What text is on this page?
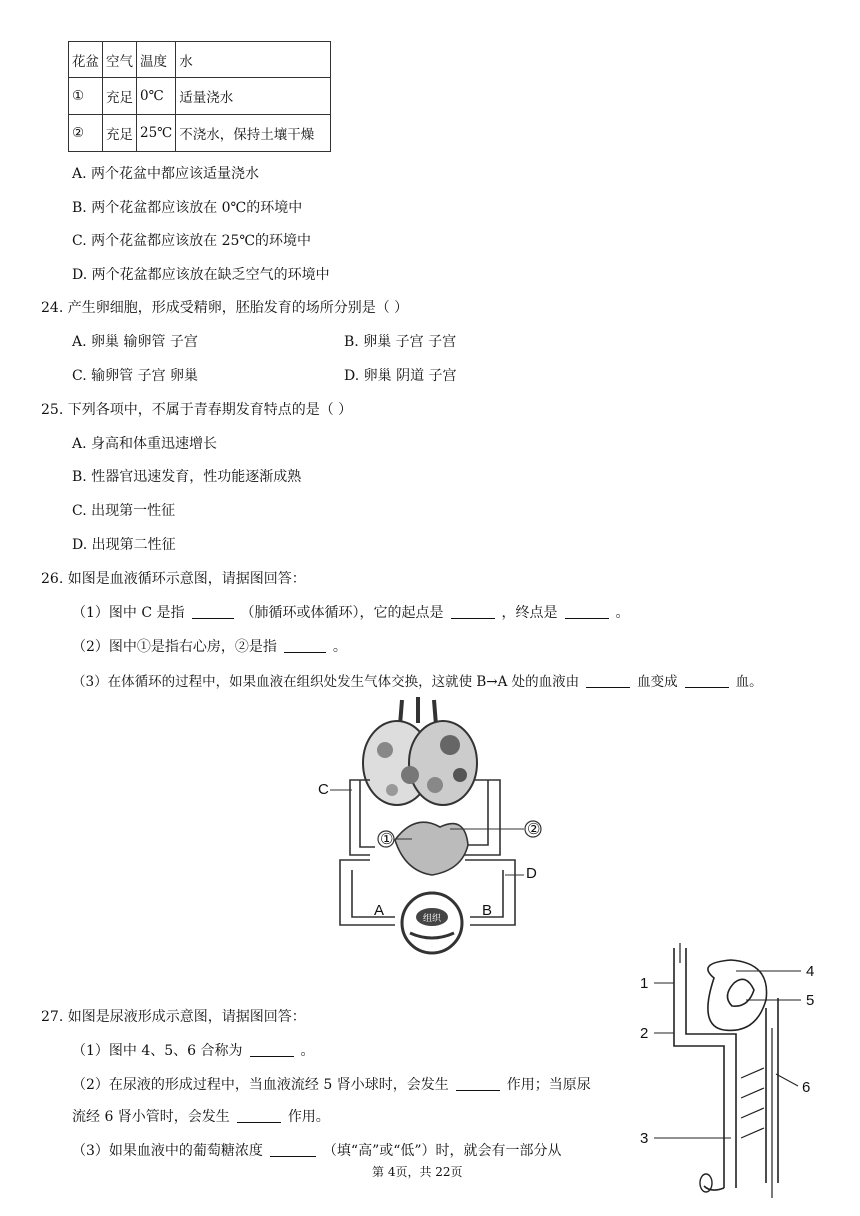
花盆	空气	温度	水
①	充足	0℃	适量浇水
②	充足	25℃	不浇水，保持土壤干燥
A. 两个花盆中都应该适量浇水
B. 两个花盆都应该放在 0℃的环境中
C. 两个花盆都应该放在 25℃的环境中
D. 两个花盆都应该放在缺乏空气的环境中
24. 产生卵细胞，形成受精卵，胚胎发育的场所分别是（ ）
A. 卵巢 输卵管 子宫	B. 卵巢 子宫 子宫
C. 输卵管 子宫 卵巢	D. 卵巢 阴道 子宫
25. 下列各项中，不属于青春期发育特点的是（ ）
A. 身高和体重迅速增长
B. 性器官迅速发育，性功能逐渐成熟
C. 出现第一性征
D. 出现第二性征
26. 如图是血液循环示意图，请据图回答：
（1）图中 C 是指	（肺循环或体循环），它的起点是	，终点是	。
（2）图中①是指右心房，②是指	。
（3）在体循环的过程中，如果血液在组织处发生气体交换，这就使 B→A 处的血液由	血变成	血。
组织
C
D
A	B
①
②
27. 如图是尿液形成示意图，请据图回答：
（1）图中 4、5、6 合称为	。
（2）在尿液的形成过程中，当血液流经 5 肾小球时，会发生	作用；当原尿
流经 6 肾小管时，会发生	作用。
（3）如果血液中的葡萄糖浓度	（填“高”或“低”）时，就会有一部分从
1
2
3
4
5
6
第 4页，共 22页
